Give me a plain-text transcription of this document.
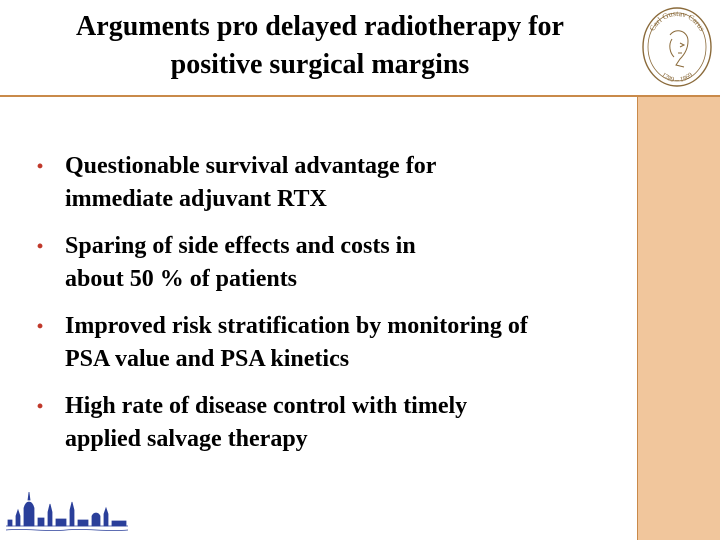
Arguments pro delayed radiotherapy for
positive surgical margins
Carl Gustav Carus
1789 – 1869
• Questionable survival advantage for
immediate adjuvant RTX
• Sparing of side effects and costs in
about 50 % of patients
• Improved risk stratification by monitoring of
PSA value and PSA kinetics
• High rate of disease control with timely
applied salvage therapy
